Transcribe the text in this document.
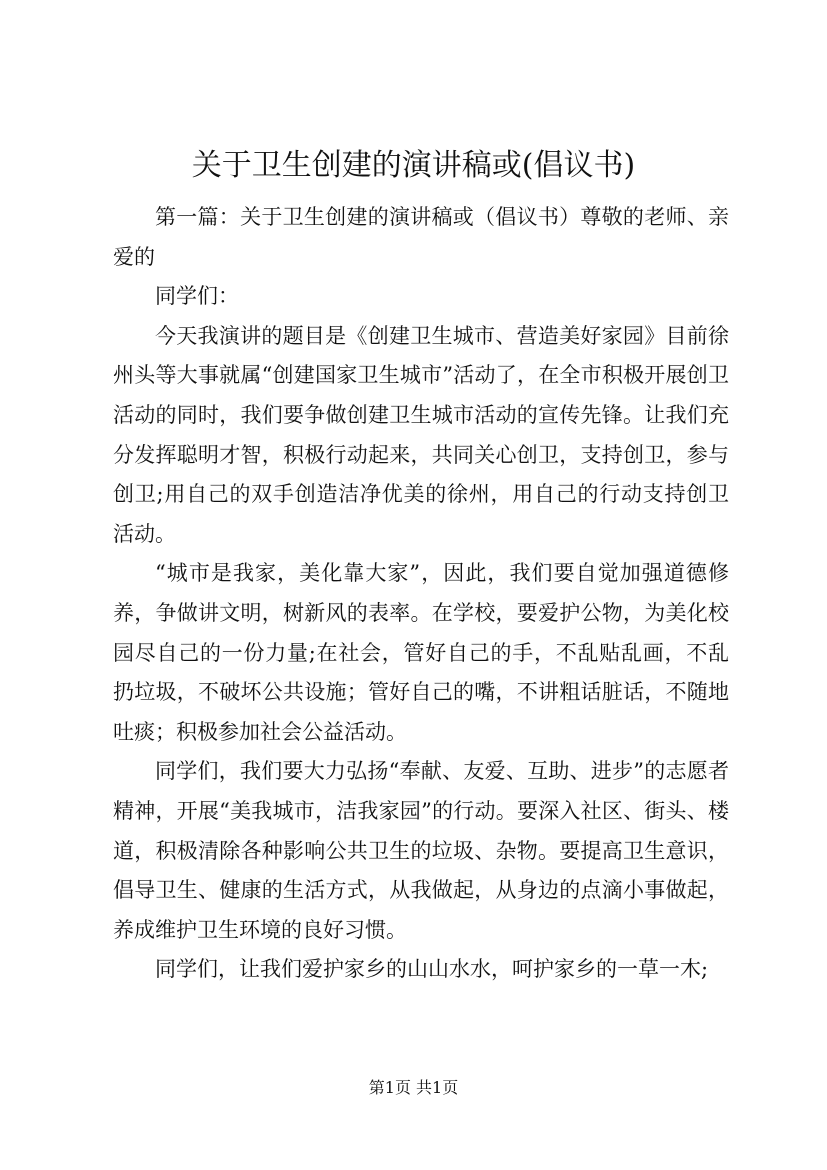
关于卫生创建的演讲稿或(倡议书)

第一篇：关于卫生创建的演讲稿或（倡议书）尊敬的老师、亲爱的

同学们：

今天我演讲的题目是《创建卫生城市、营造美好家园》目前徐州头等大事就属“创建国家卫生城市”活动了，在全市积极开展创卫活动的同时，我们要争做创建卫生城市活动的宣传先锋。让我们充分发挥聪明才智，积极行动起来，共同关心创卫，支持创卫，参与创卫;用自己的双手创造洁净优美的徐州，用自己的行动支持创卫活动。

“城市是我家，美化靠大家”，因此，我们要自觉加强道德修养，争做讲文明，树新风的表率。在学校，要爱护公物，为美化校园尽自己的一份力量;在社会，管好自己的手，不乱贴乱画，不乱扔垃圾，不破坏公共设施；管好自己的嘴，不讲粗话脏话，不随地吐痰；积极参加社会公益活动。

同学们，我们要大力弘扬“奉献、友爱、互助、进步”的志愿者精神，开展“美我城市，洁我家园”的行动。要深入社区、街头、楼道，积极清除各种影响公共卫生的垃圾、杂物。要提高卫生意识，倡导卫生、健康的生活方式，从我做起，从身边的点滴小事做起，养成维护卫生环境的良好习惯。

同学们，让我们爱护家乡的山山水水，呵护家乡的一草一木;

第1页 共1页
